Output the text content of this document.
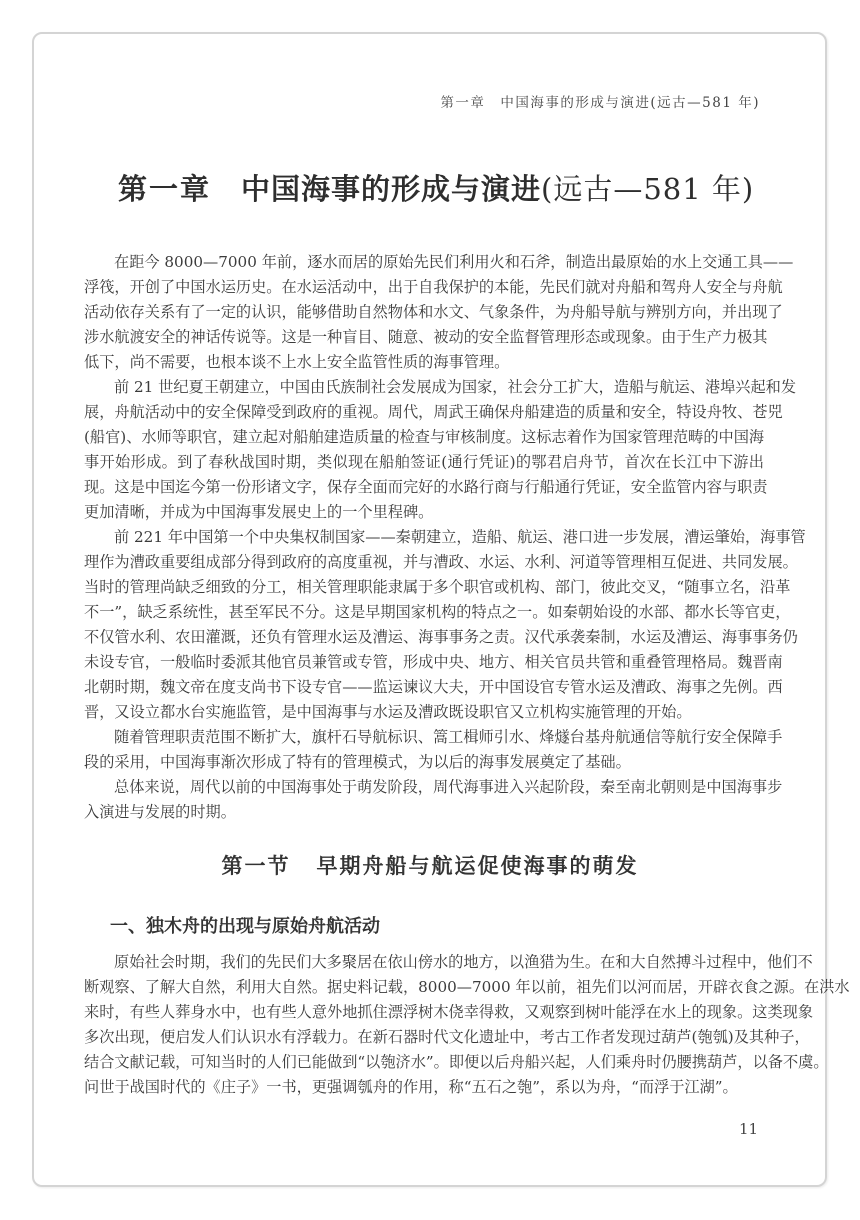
第一章　中国海事的形成与演进(远古—581 年)
第一章 中国海事的形成与演进(远古—581 年)
在距今 8000—7000 年前，逐水而居的原始先民们利用火和石斧，制造出最原始的水上交通工具——
浮筏，开创了中国水运历史。在水运活动中，出于自我保护的本能，先民们就对舟船和驾舟人安全与舟航
活动依存关系有了一定的认识，能够借助自然物体和水文、气象条件，为舟船导航与辨别方向，并出现了
涉水航渡安全的神话传说等。这是一种盲目、随意、被动的安全监督管理形态或现象。由于生产力极其
低下，尚不需要，也根本谈不上水上安全监管性质的海事管理。
前 21 世纪夏王朝建立，中国由氏族制社会发展成为国家，社会分工扩大，造船与航运、港埠兴起和发
展，舟航活动中的安全保障受到政府的重视。周代，周武王确保舟船建造的质量和安全，特设舟牧、苍兕
(船官)、水师等职官，建立起对船舶建造质量的检查与审核制度。这标志着作为国家管理范畴的中国海
事开始形成。到了春秋战国时期，类似现在船舶签证(通行凭证)的鄂君启舟节，首次在长江中下游出
现。这是中国迄今第一份形诸文字，保存全面而完好的水路行商与行船通行凭证，安全监管内容与职责
更加清晰，并成为中国海事发展史上的一个里程碑。
前 221 年中国第一个中央集权制国家——秦朝建立，造船、航运、港口进一步发展，漕运肇始，海事管
理作为漕政重要组成部分得到政府的高度重视，并与漕政、水运、水利、河道等管理相互促进、共同发展。
当时的管理尚缺乏细致的分工，相关管理职能隶属于多个职官或机构、部门，彼此交叉，“随事立名，沿革
不一”，缺乏系统性，甚至军民不分。这是早期国家机构的特点之一。如秦朝始设的水部、都水长等官吏，
不仅管水利、农田灌溉，还负有管理水运及漕运、海事事务之责。汉代承袭秦制，水运及漕运、海事事务仍
未设专官，一般临时委派其他官员兼管或专管，形成中央、地方、相关官员共管和重叠管理格局。魏晋南
北朝时期，魏文帝在度支尚书下设专官——监运谏议大夫，开中国设官专管水运及漕政、海事之先例。西
晋，又设立都水台实施监管，是中国海事与水运及漕政既设职官又立机构实施管理的开始。
随着管理职责范围不断扩大，旗杆石导航标识、篙工楫师引水、烽燧台基舟航通信等航行安全保障手
段的采用，中国海事渐次形成了特有的管理模式，为以后的海事发展奠定了基础。
总体来说，周代以前的中国海事处于萌发阶段，周代海事进入兴起阶段，秦至南北朝则是中国海事步
入演进与发展的时期。
第一节 早期舟船与航运促使海事的萌发
一、独木舟的出现与原始舟航活动
原始社会时期，我们的先民们大多聚居在依山傍水的地方，以渔猎为生。在和大自然搏斗过程中，他们不
断观察、了解大自然，利用大自然。据史料记载，8000—7000 年以前，祖先们以河而居，开辟衣食之源。在洪水
来时，有些人葬身水中，也有些人意外地抓住漂浮树木侥幸得救，又观察到树叶能浮在水上的现象。这类现象
多次出现，便启发人们认识水有浮载力。在新石器时代文化遗址中，考古工作者发现过葫芦(匏瓠)及其种子，
结合文献记载，可知当时的人们已能做到“以匏济水”。即便以后舟船兴起，人们乘舟时仍腰携葫芦，以备不虞。
问世于战国时代的《庄子》一书，更强调瓠舟的作用，称“五石之匏”，系以为舟，“而浮于江湖”。
11
